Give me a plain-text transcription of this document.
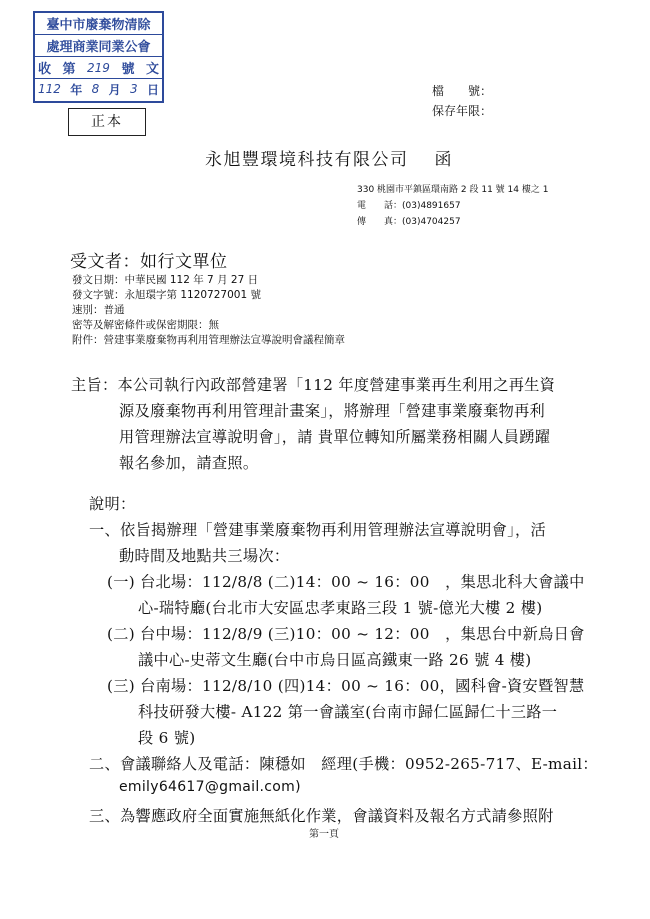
臺中市廢棄物清除
處理商業同業公會
收 第 219 號 文
112 年 8 月 3 日
正本
檔　　號：
保存年限：
永旭豐環境科技有限公司 函
330 桃園市平鎮區環南路 2 段 11 號 14 樓之 1
電　　話：(03)4891657
傳　　真：(03)4704257
受文者：如行文單位
發文日期：中華民國 112 年 7 月 27 日
發文字號：永旭環字第 1120727001 號
速別：普通
密等及解密條件或保密期限：無
附件：營建事業廢棄物再利用管理辦法宣導說明會議程簡章
主旨：本公司執行內政部營建署「112 年度營建事業再生利用之再生資
源及廢棄物再利用管理計畫案」，將辦理「營建事業廢棄物再利
用管理辦法宣導說明會」，請 貴單位轉知所屬業務相關人員踴躍
報名參加，請查照。
說明：
一、依旨揭辦理「營建事業廢棄物再利用管理辦法宣導說明會」，活
動時間及地點共三場次：
(一) 台北場：112/8/8 (二)14：00 ~ 16：00　，集思北科大會議中
心-瑞特廳(台北市大安區忠孝東路三段 1 號-億光大樓 2 樓)
(二) 台中場：112/8/9 (三)10：00 ~ 12：00　，集思台中新烏日會
議中心-史蒂文生廳(台中市烏日區高鐵東一路 26 號 4 樓)
(三) 台南場：112/8/10 (四)14：00 ~ 16：00，國科會-資安暨智慧
科技研發大樓- A122 第一會議室(台南市歸仁區歸仁十三路一
段 6 號)
二、會議聯絡人及電話：陳穩如　經理(手機：0952-265-717、E-mail：
emily64617@gmail.com)
三、為響應政府全面實施無紙化作業，會議資料及報名方式請參照附
第一頁
